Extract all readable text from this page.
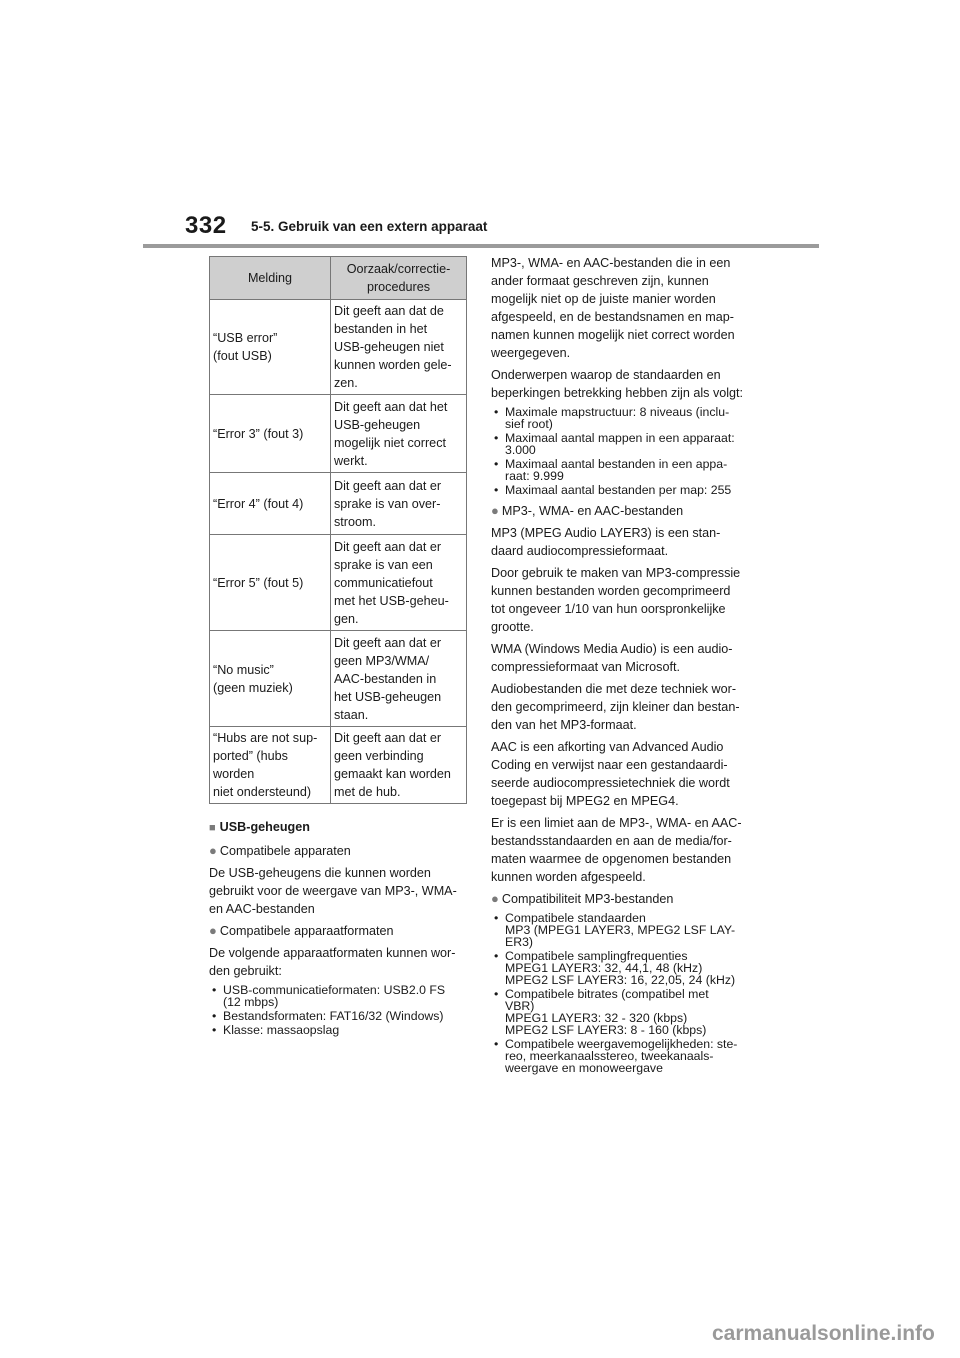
332 5-5. Gebruik van een extern apparaat
Melding	Oorzaak/correctie-
procedures

“USB error”
(fout USB)	Dit geeft aan dat de
bestanden in het
USB-geheugen niet
kunnen worden gele-
zen.

“Error 3” (fout 3)	Dit geeft aan dat het
USB-geheugen
mogelijk niet correct
werkt.

“Error 4” (fout 4)	Dit geeft aan dat er
sprake is van over-
stroom.

“Error 5” (fout 5)	Dit geeft aan dat er
sprake is van een
communicatiefout
met het USB-geheu-
gen.

“No music”
(geen muziek)	Dit geeft aan dat er
geen MP3/WMA/
AAC-bestanden in
het USB-geheugen
staan.

“Hubs are not sup-
ported” (hubs worden
niet ondersteund)	Dit geeft aan dat er
geen verbinding
gemaakt kan worden
met de hub.

■ USB-geheugen

● Compatibele apparaten

De USB-geheugens die kunnen worden
gebruikt voor de weergave van MP3-, WMA-
en AAC-bestanden

● Compatibele apparaatformaten

De volgende apparaatformaten kunnen wor-
den gebruikt:

• USB-communicatieformaten: USB2.0 FS
(12 mbps)
• Bestandsformaten: FAT16/32 (Windows)
• Klasse: massaopslag

MP3-, WMA- en AAC-bestanden die in een
ander formaat geschreven zijn, kunnen
mogelijk niet op de juiste manier worden
afgespeeld, en de bestandsnamen en map-
namen kunnen mogelijk niet correct worden
weergegeven.

Onderwerpen waarop de standaarden en
beperkingen betrekking hebben zijn als volgt:

• Maximale mapstructuur: 8 niveaus (inclu-
sief root)
• Maximaal aantal mappen in een apparaat:
3.000
• Maximaal aantal bestanden in een appa-
raat: 9.999
• Maximaal aantal bestanden per map: 255

● MP3-, WMA- en AAC-bestanden

MP3 (MPEG Audio LAYER3) is een stan-
daard audiocompressieformaat.

Door gebruik te maken van MP3-compressie
kunnen bestanden worden gecomprimeerd
tot ongeveer 1/10 van hun oorspronkelijke
grootte.

WMA (Windows Media Audio) is een audio-
compressieformaat van Microsoft.

Audiobestanden die met deze techniek wor-
den gecomprimeerd, zijn kleiner dan bestan-
den van het MP3-formaat.

AAC is een afkorting van Advanced Audio
Coding en verwijst naar een gestandaardi-
seerde audiocompressietechniek die wordt
toegepast bij MPEG2 en MPEG4.

Er is een limiet aan de MP3-, WMA- en AAC-
bestandsstandaarden en aan de media/for-
maten waarmee de opgenomen bestanden
kunnen worden afgespeeld.

● Compatibiliteit MP3-bestanden

• Compatibele standaarden
MP3 (MPEG1 LAYER3, MPEG2 LSF LAY-
ER3)
• Compatibele samplingfrequenties
MPEG1 LAYER3: 32, 44,1, 48 (kHz)
MPEG2 LSF LAYER3: 16, 22,05, 24 (kHz)
• Compatibele bitrates (compatibel met
VBR)
MPEG1 LAYER3: 32 - 320 (kbps)
MPEG2 LSF LAYER3: 8 - 160 (kbps)
• Compatibele weergavemogelijkheden: ste-
reo, meerkanaalsstereo, tweekanaals-
weergave en monoweergave
carmanualsonline.info
